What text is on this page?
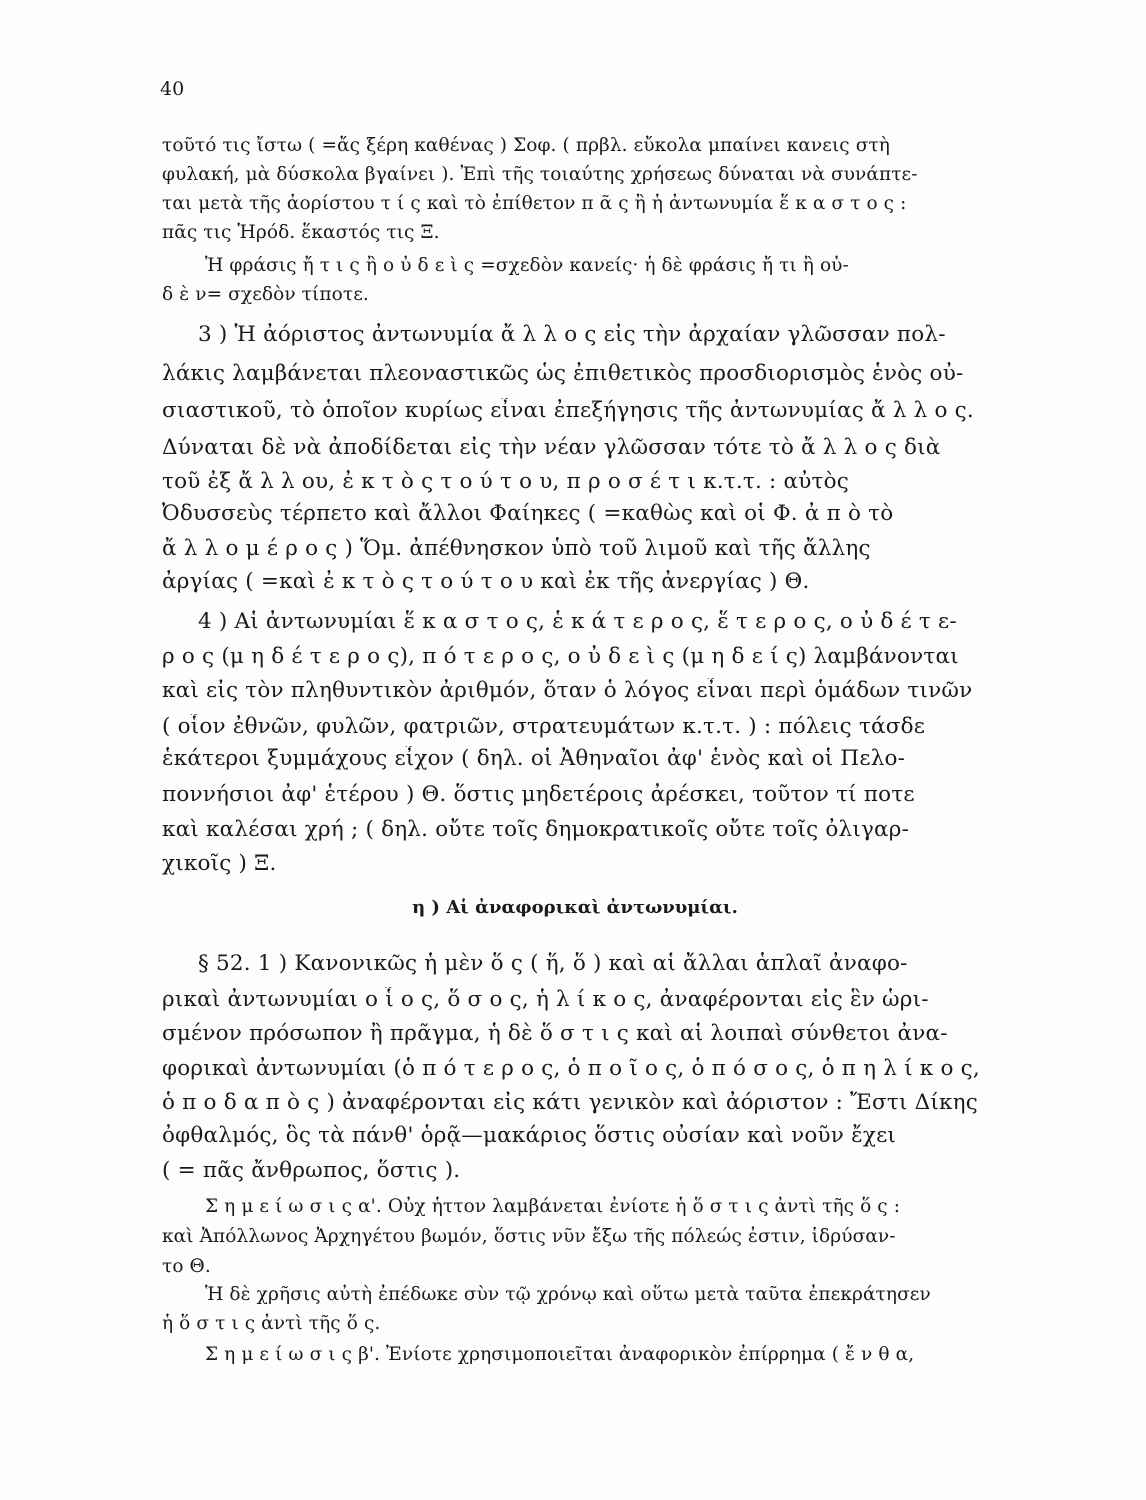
40
τοῦτό τις ἴστω ( =ἄς ξέρη καθένας ) Σοφ. ( πρβλ. εὔκολα μπαίνει κανεις στὴ
φυλακή, μὰ δύσκολα βγαίνει ). Ἐπὶ τῆς τοιαύτης χρήσεως δύναται νὰ συνάπτε-
ται μετὰ τῆς ἀορίστου τ ί ς καὶ τὸ ἐπίθετον π ᾶ ς ἢ ἡ ἀντωνυμία ἕ κ α σ τ ο ς :
πᾶς τις Ἡρόδ. ἕκαστός τις Ξ.
Ἡ φράσις ἤ τ ι ς ἢ ο ὐ δ ε ὶ ς =σχεδὸν κανείς· ἡ δὲ φράσις ἤ τι ἢ οὐ-
δ ὲ ν= σχεδὸν τίποτε.
3 ) Ἡ ἀόριστος ἀντωνυμία ἄ λ λ ο ς εἰς τὴν ἀρχαίαν γλῶσσαν πολ-
λάκις λαμβάνεται πλεοναστικῶς ὡς ἐπιθετικὸς προσδιορισμὸς ἑνὸς οὐ-
σιαστικοῦ, τὸ ὁποῖον κυρίως εἶναι ἐπεξήγησις τῆς ἀντωνυμίας ἄ λ λ ο ς.
Δύναται δὲ νὰ ἀποδίδεται εἰς τὴν νέαν γλῶσσαν τότε τὸ ἄ λ λ ο ς διὰ
τοῦ ἐξ ἄ λ λ ου, ἐ κ τ ὸ ς τ ο ύ τ ο υ, π ρ ο σ έ τ ι κ.τ.τ. : αὐτὸς
Ὀδυσσεὺς τέρπετο καὶ ἄλλοι Φαίηκες ( =καθὼς καὶ οἱ Φ. ἀ π ὸ τὸ
ἄ λ λ ο μ έ ρ ο ς ) Ὅμ. ἀπέθνησκον ὑπὸ τοῦ λιμοῦ καὶ τῆς ἄλλης
ἀργίας ( =καὶ ἐ κ τ ὸ ς τ ο ύ τ ο υ καὶ ἐκ τῆς ἀνεργίας ) Θ.
4 ) Αἱ ἀντωνυμίαι ἕ κ α σ τ ο ς, ἑ κ ά τ ε ρ ο ς, ἕ τ ε ρ ο ς, ο ὐ δ έ τ ε-
ρ ο ς (μ η δ έ τ ε ρ ο ς), π ό τ ε ρ ο ς, ο ὐ δ ε ὶ ς (μ η δ ε ί ς) λαμβάνονται
καὶ εἰς τὸν πληθυντικὸν ἀριθμόν, ὅταν ὁ λόγος εἶναι περὶ ὁμάδων τινῶν
( οἷον ἐθνῶν, φυλῶν, φατριῶν, στρατευμάτων κ.τ.τ. ) : πόλεις τάσδε
ἑκάτεροι ξυμμάχους εἶχον ( δηλ. οἱ Ἀθηναῖοι ἀφ' ἑνὸς καὶ οἱ Πελο-
ποννήσιοι ἀφ' ἑτέρου ) Θ. ὅστις μηδετέροις ἀρέσκει, τοῦτον τί ποτε
καὶ καλέσαι χρή ; ( δηλ. οὔτε τοῖς δημοκρατικοῖς οὔτε τοῖς ὀλιγαρ-
χικοῖς ) Ξ.
η ) Αἱ ἀναφορικαὶ ἀντωνυμίαι.
§ 52. 1 ) Κανονικῶς ἡ μὲν ὅ ς ( ἥ, ὅ ) καὶ αἱ ἄλλαι ἁπλαῖ ἀναφο-
ρικαὶ ἀντωνυμίαι ο ἷ ο ς, ὅ σ ο ς, ἡ λ ί κ ο ς, ἀναφέρονται εἰς ἓν ὡρι-
σμένον πρόσωπον ἢ πρᾶγμα, ἡ δὲ ὅ σ τ ι ς καὶ αἱ λοιπαὶ σύνθετοι ἀνα-
φορικαὶ ἀντωνυμίαι (ὁ π ό τ ε ρ ο ς, ὁ π ο ῖ ο ς, ὁ π ό σ ο ς, ὁ π η λ ί κ ο ς,
ὁ π ο δ α π ὸ ς ) ἀναφέρονται εἰς κάτι γενικὸν καὶ ἀόριστον : Ἔστι Δίκης
ὀφθαλμός, ὃς τὰ πάνθ' ὁρᾷ—μακάριος ὅστις οὐσίαν καὶ νοῦν ἔχει
( = πᾶς ἄνθρωπος, ὅστις ).
Σ η μ ε ί ω σ ι ς α'. Οὐχ ἧττον λαμβάνεται ἐνίοτε ἡ ὅ σ τ ι ς ἀντὶ τῆς ὅ ς :
καὶ Ἀπόλλωνος Ἀρχηγέτου βωμόν, ὅστις νῦν ἔξω τῆς πόλεώς ἐστιν, ἱδρύσαν-
το Θ.
Ἡ δὲ χρῆσις αὐτὴ ἐπέδωκε σὺν τῷ χρόνῳ καὶ οὕτω μετὰ ταῦτα ἐπεκράτησεν
ἡ ὅ σ τ ι ς ἀντὶ τῆς ὅ ς.
Σ η μ ε ί ω σ ι ς β'. Ἐνίοτε χρησιμοποιεῖται ἀναφορικὸν ἐπίρρημα ( ἔ ν θ α,
